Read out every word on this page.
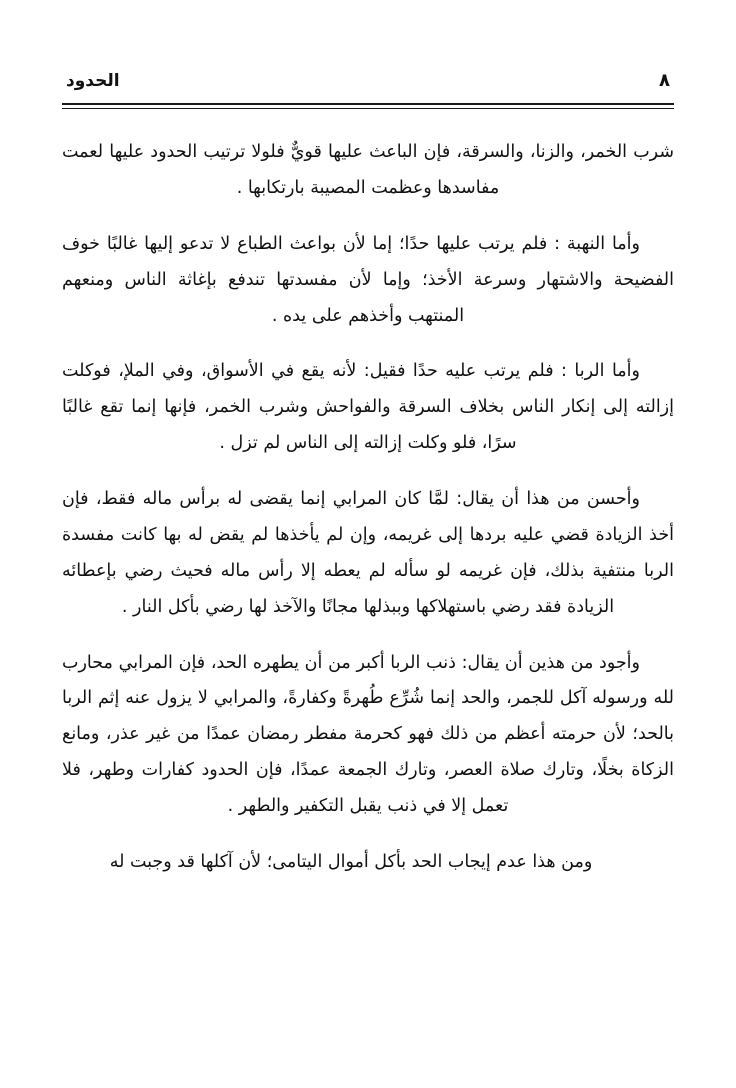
الحدود	٨

شرب الخمر، والزنا، والسرقة، فإن الباعث عليها قويٌّ فلولا ترتيب الحدود عليها لعمت مفاسدها وعظمت المصيبة بارتكابها .

وأما النهبة : فلم يرتب عليها حدًا؛ إما لأن بواعث الطباع لا تدعو إليها غالبًا خوف الفضيحة والاشتهار وسرعة الأخذ؛ وإما لأن مفسدتها تندفع بإغاثة الناس ومنعهم المنتهب وأخذهم على يده .

وأما الربا : فلم يرتب عليه حدًا فقيل: لأنه يقع في الأسواق، وفي الملإ، فوكلت إزالته إلى إنكار الناس بخلاف السرقة والفواحش وشرب الخمر، فإنها إنما تقع غالبًا سرًا، فلو وكلت إزالته إلى الناس لم تزل .

وأحسن من هذا أن يقال: لمَّا كان المرابي إنما يقضى له برأس ماله فقط، فإن أخذ الزيادة قضي عليه بردها إلى غريمه، وإن لم يأخذها لم يقض له بها كانت مفسدة الربا منتفية بذلك، فإن غريمه لو سأله لم يعطه إلا رأس ماله فحيث رضي بإعطائه الزيادة فقد رضي باستهلاكها وببذلها مجانًا والآخذ لها رضي بأكل النار .

وأجود من هذين أن يقال: ذنب الربا أكبر من أن يطهره الحد، فإن المرابي محارب لله ورسوله آكل للجمر، والحد إنما شُرِّع طُهرةً وكفارةً، والمرابي لا يزول عنه إثم الربا بالحد؛ لأن حرمته أعظم من ذلك فهو كحرمة مفطر رمضان عمدًا من غير عذر، ومانع الزكاة بخلًا، وتارك صلاة العصر، وتارك الجمعة عمدًا، فإن الحدود كفارات وطهر، فلا تعمل إلا في ذنب يقبل التكفير والطهر .

ومن هذا عدم إيجاب الحد بأكل أموال اليتامى؛ لأن آكلها قد وجبت له
